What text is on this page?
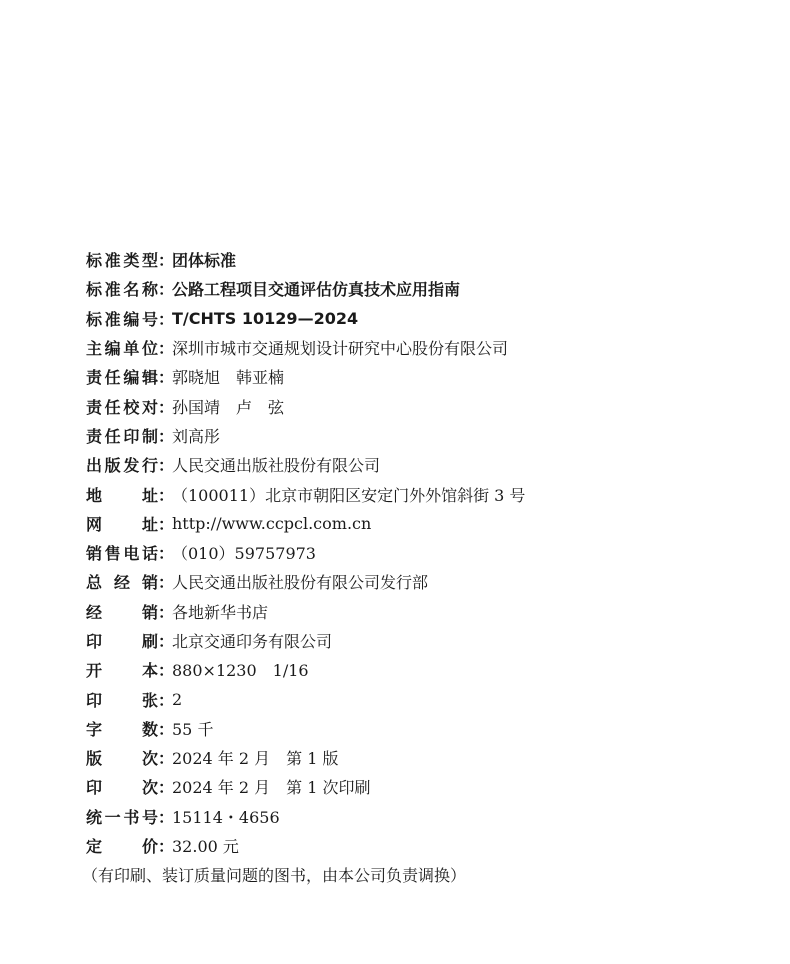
标 准 类 型 ：
团体标准
标 准 名 称 ：
公路工程项目交通评估仿真技术应用指南
标 准 编 号 ：
T/CHTS 10129—2024
主 编 单 位 ：
深圳市城市交通规划设计研究中心股份有限公司
责 任 编 辑 ：
郭晓旭　韩亚楠
责 任 校 对 ：
孙国靖　卢　弦
责 任 印 制 ：
刘高彤
出 版 发 行 ：
人民交通出版社股份有限公司
地 址 ：
（100011）北京市朝阳区安定门外外馆斜街 3 号
网 址 ：
http://www.ccpcl.com.cn
销 售 电 话 ：
（010）59757973
总 经 销 ：
人民交通出版社股份有限公司发行部
经 销 ：
各地新华书店
印 刷 ：
北京交通印务有限公司
开 本 ：
880×1230　1/16
印 张 ：
2
字 数 ：
55 千
版 次 ：
2024 年 2 月　第 1 版
印 次 ：
2024 年 2 月　第 1 次印刷
统 一 书 号 ：
15114・4656
定 价 ：
32.00 元
（有印刷、装订质量问题的图书，由本公司负责调换）
